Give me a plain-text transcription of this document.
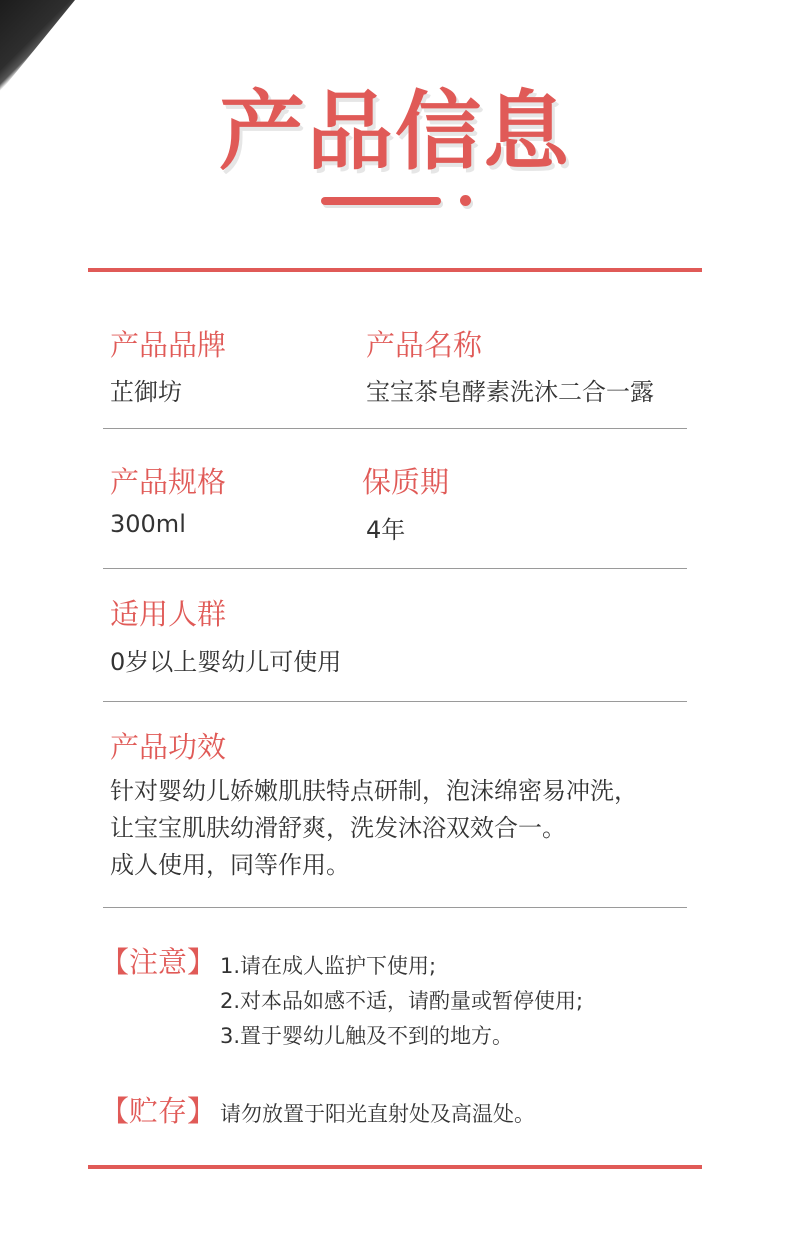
产品信息
产品品牌
芷御坊
产品名称
宝宝茶皂酵素洗沐二合一露
产品规格
300ml
保质期
4年
适用人群
0岁以上婴幼儿可使用
产品功效
针对婴幼儿娇嫩肌肤特点研制，泡沫绵密易冲洗，
让宝宝肌肤幼滑舒爽，洗发沐浴双效合一。
成人使用，同等作用。
【注意】 1.请在成人监护下使用;
2.对本品如感不适，请酌量或暂停使用;
3.置于婴幼儿触及不到的地方。
【贮存】 请勿放置于阳光直射处及高温处。
